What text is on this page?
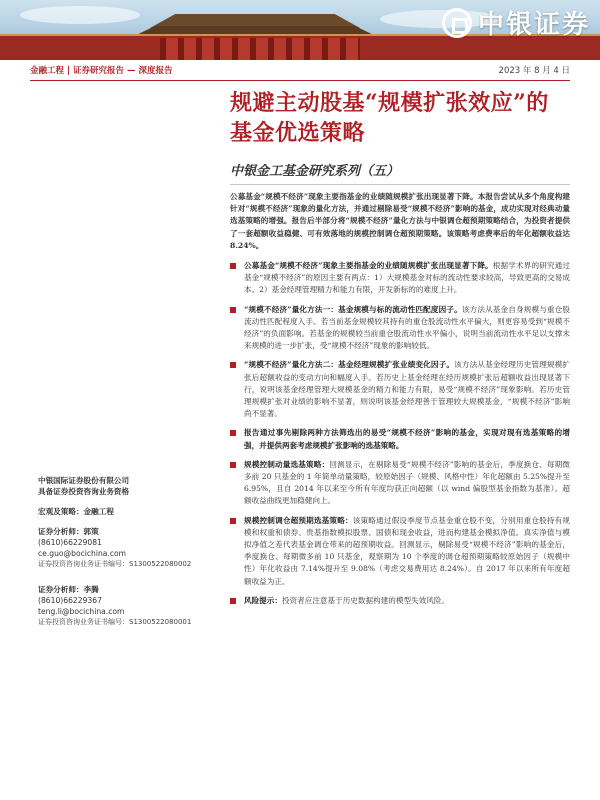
中银证券
金融工程 | 证券研究报告 — 深度报告	2023 年 8 月 4 日
规避主动股基“规模扩张效应”的基金优选策略
中银金工基金研究系列（五）

公募基金“规模不经济”现象主要指基金的业绩随规模扩张出现显著下降。本报告尝试从多个角度构建针对“规模不经济”现象的量化方法，并通过剔除易受“规模不经济”影响的基金，成功实现对经典动量选基策略的增强。报告后半部分将“规模不经济”量化方法与中银调仓超预期策略结合，为投资者提供了一套超额收益稳健、可有效落地的规模控制调仓超预期策略。该策略考虑费率后的年化超额收益达 8.24%。

公募基金“规模不经济”现象主要指基金的业绩随规模扩张出现显著下降。根据学术界的研究通过基金“规模不经济”的原因主要有两点：1）大规模基金对标的流动性要求较高，导致更高的交易成本。2）基金经理管理精力和能力有限，开发新标的的难度上升。
“规模不经济”量化方法一：基金规模与标的流动性匹配度因子。该方法从基金自身规模与重仓股流动性匹配程度入手。若当前基金规模较其持有的重仓股流动性水平偏大，则更容易受到“规模不经济”的负面影响。若基金的规模较当前重仓股流动性水平偏小，说明当前流动性水平足以支撑未来规模的进一步扩张，受“规模不经济”现象的影响较低。
“规模不经济”量化方法二：基金经理规模扩张业绩变化因子。该方法从基金经理历史管理规模扩张后超额收益的变动方向和幅度入手。若历史上基金经理在经历规模扩张后超额收益出现显著下行，说明该基金经理管理大规模基金的精力和能力有限，易受“规模不经济”现象影响。若历史管理规模扩张对业绩的影响不显著，则说明该基金经理善于管理较大规模基金，“规模不经济”影响尚不显著。
报告通过事先剔除两种方法筛选出的易受“规模不经济”影响的基金，实现对现有选基策略的增强，并提供两套考虑规模扩张影响的选基策略。
规模控制动量选基策略：回测显示，在剔除易受“规模不经济”影响的基金后，季度换仓、每期微多前 20 只基金的 1 年简单动量策略，较原始因子（规模、风格中性）年化超额由 5.25%提升至 6.95%，且自 2014 年以来至今所有年度均获正向超额（以 wind 偏股型基金指数为基准）。超额收益曲线更加稳健向上。
规模控制调仓超预期选基策略：该策略通过假设季度节点基金重仓股不变，分别用重仓股持有规模和权重和债券、贵基指数模拟股票、国债和现金收益，进而构建基金模拟净值。真实净值与模拟净值之差代表基金调仓带来的超预期收益。回测显示，剔除易受“规模不经济”影响的基金后，季度换仓、每期微多前 10 只基金，观察期为 10 个季度的调仓超预期策略较原始因子（规模中性）年化收益由 7.14%提升至 9.08%（考虑交易费用达 8.24%）。自 2017 年以来所有年度超额收益为正。
风险提示：投资者应注意基于历史数据构建的模型失效风险。
中银国际证券股份有限公司
具备证券投资咨询业务资格
宏观及策略：金融工程
证券分析师：郭策
(8610)66229081
ce.guo@bocichina.com
证券投资咨询业务证书编号：S1300522080002
证券分析师：李腾
(8610)66229367
teng.li@bocichina.com
证券投资咨询业务证书编号：S1300522080001
